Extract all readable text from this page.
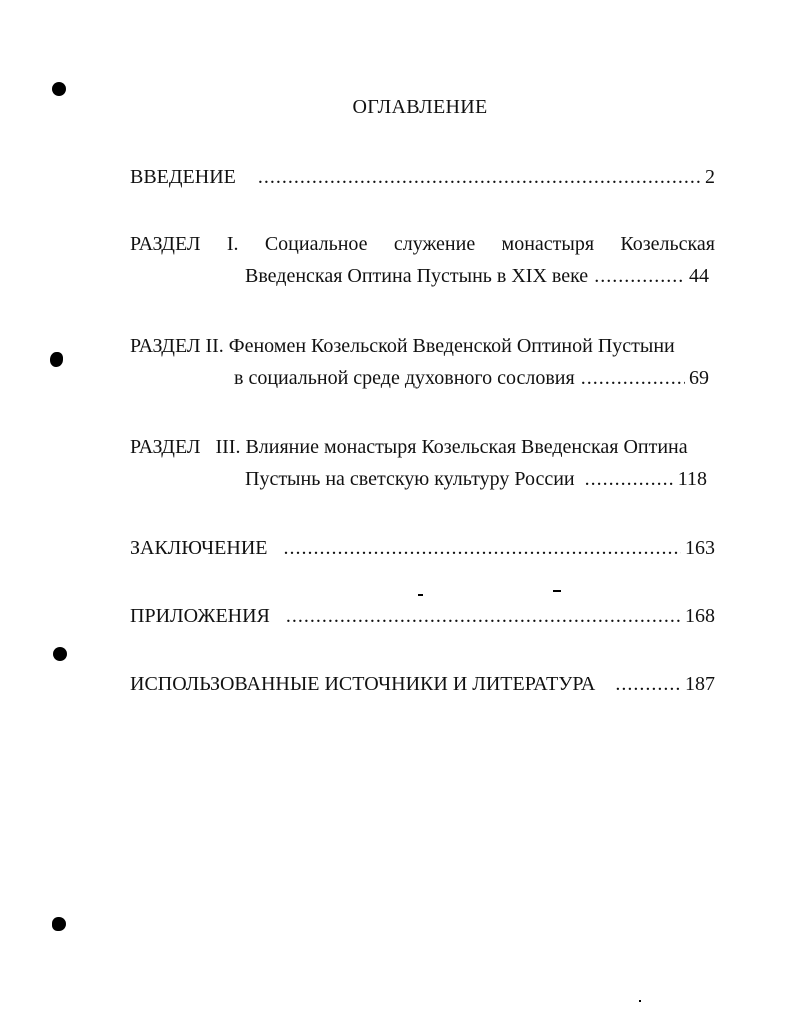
ОГЛАВЛЕНИЕ
ВВЕДЕНИЕ .....	2
РАЗДЕЛ I. Социальное служение монастыря Козельская
Введенская Оптина Пустынь в XIX веке .....	44
РАЗДЕЛ II. Феномен Козельской Введенской Оптиной Пустыни
в социальной среде духовного сословия .....	69
РАЗДЕЛ   III. Влияние монастыря Козельская Введенская Оптина
Пустынь на светскую культуру России .....	118
ЗАКЛЮЧЕНИЕ .....	163
ПРИЛОЖЕНИЯ .....	168
ИСПОЛЬЗОВАННЫЕ ИСТОЧНИКИ И ЛИТЕРАТУРА .....	187
